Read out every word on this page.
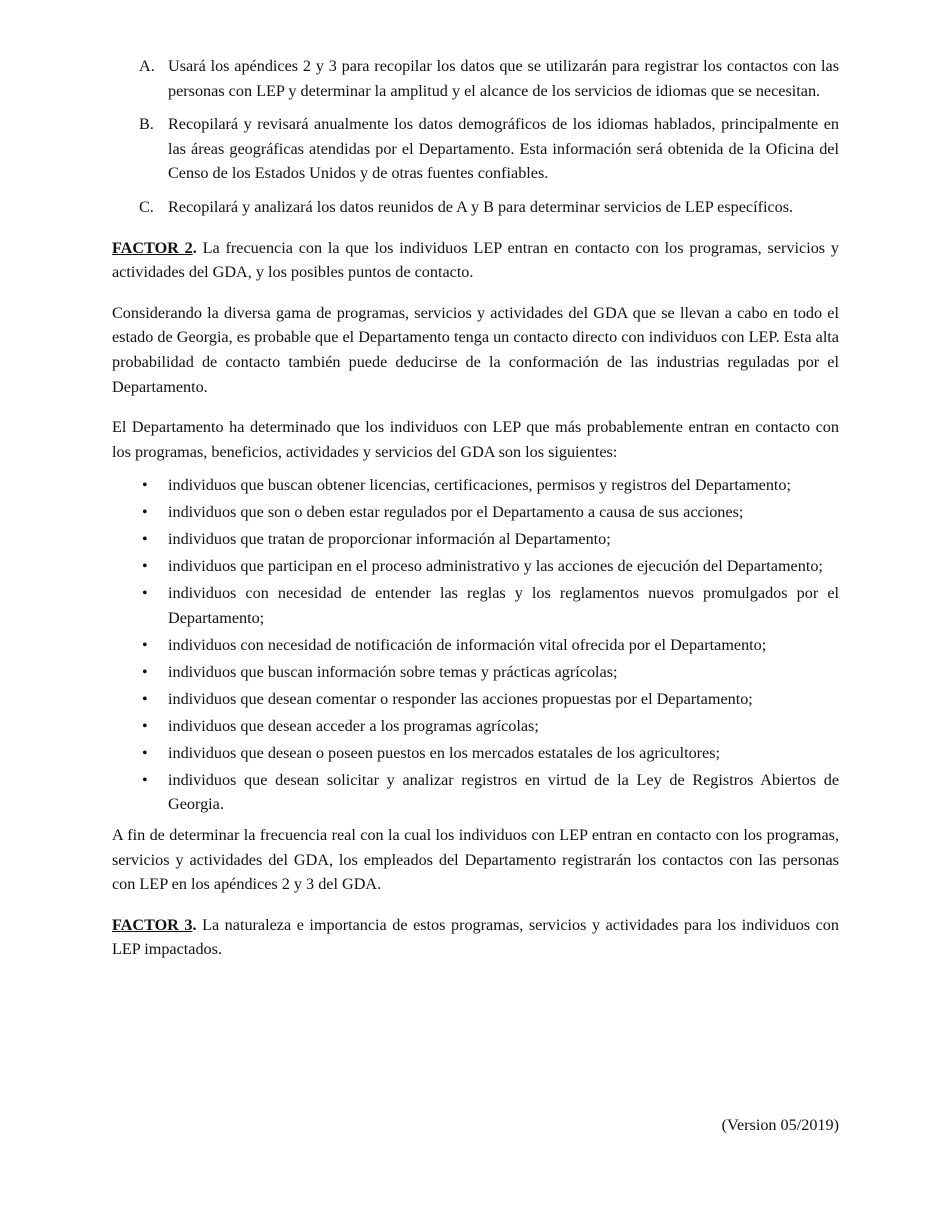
A. Usará los apéndices 2 y 3 para recopilar los datos que se utilizarán para registrar los contactos con las personas con LEP y determinar la amplitud y el alcance de los servicios de idiomas que se necesitan.
B. Recopilará y revisará anualmente los datos demográficos de los idiomas hablados, principalmente en las áreas geográficas atendidas por el Departamento. Esta información será obtenida de la Oficina del Censo de los Estados Unidos y de otras fuentes confiables.
C. Recopilará y analizará los datos reunidos de A y B para determinar servicios de LEP específicos.

FACTOR 2. La frecuencia con la que los individuos LEP entran en contacto con los programas, servicios y actividades del GDA, y los posibles puntos de contacto.

Considerando la diversa gama de programas, servicios y actividades del GDA que se llevan a cabo en todo el estado de Georgia, es probable que el Departamento tenga un contacto directo con individuos con LEP. Esta alta probabilidad de contacto también puede deducirse de la conformación de las industrias reguladas por el Departamento.

El Departamento ha determinado que los individuos con LEP que más probablemente entran en contacto con los programas, beneficios, actividades y servicios del GDA son los siguientes:

• individuos que buscan obtener licencias, certificaciones, permisos y registros del Departamento;
• individuos que son o deben estar regulados por el Departamento a causa de sus acciones;
• individuos que tratan de proporcionar información al Departamento;
• individuos que participan en el proceso administrativo y las acciones de ejecución del Departamento;
• individuos con necesidad de entender las reglas y los reglamentos nuevos promulgados por el Departamento;
• individuos con necesidad de notificación de información vital ofrecida por el Departamento;
• individuos que buscan información sobre temas y prácticas agrícolas;
• individuos que desean comentar o responder las acciones propuestas por el Departamento;
• individuos que desean acceder a los programas agrícolas;
• individuos que desean o poseen puestos en los mercados estatales de los agricultores;
• individuos que desean solicitar y analizar registros en virtud de la Ley de Registros Abiertos de Georgia.

A fin de determinar la frecuencia real con la cual los individuos con LEP entran en contacto con los programas, servicios y actividades del GDA, los empleados del Departamento registrarán los contactos con las personas con LEP en los apéndices 2 y 3 del GDA.

FACTOR 3. La naturaleza e importancia de estos programas, servicios y actividades para los individuos con LEP impactados.

(Version 05/2019)
